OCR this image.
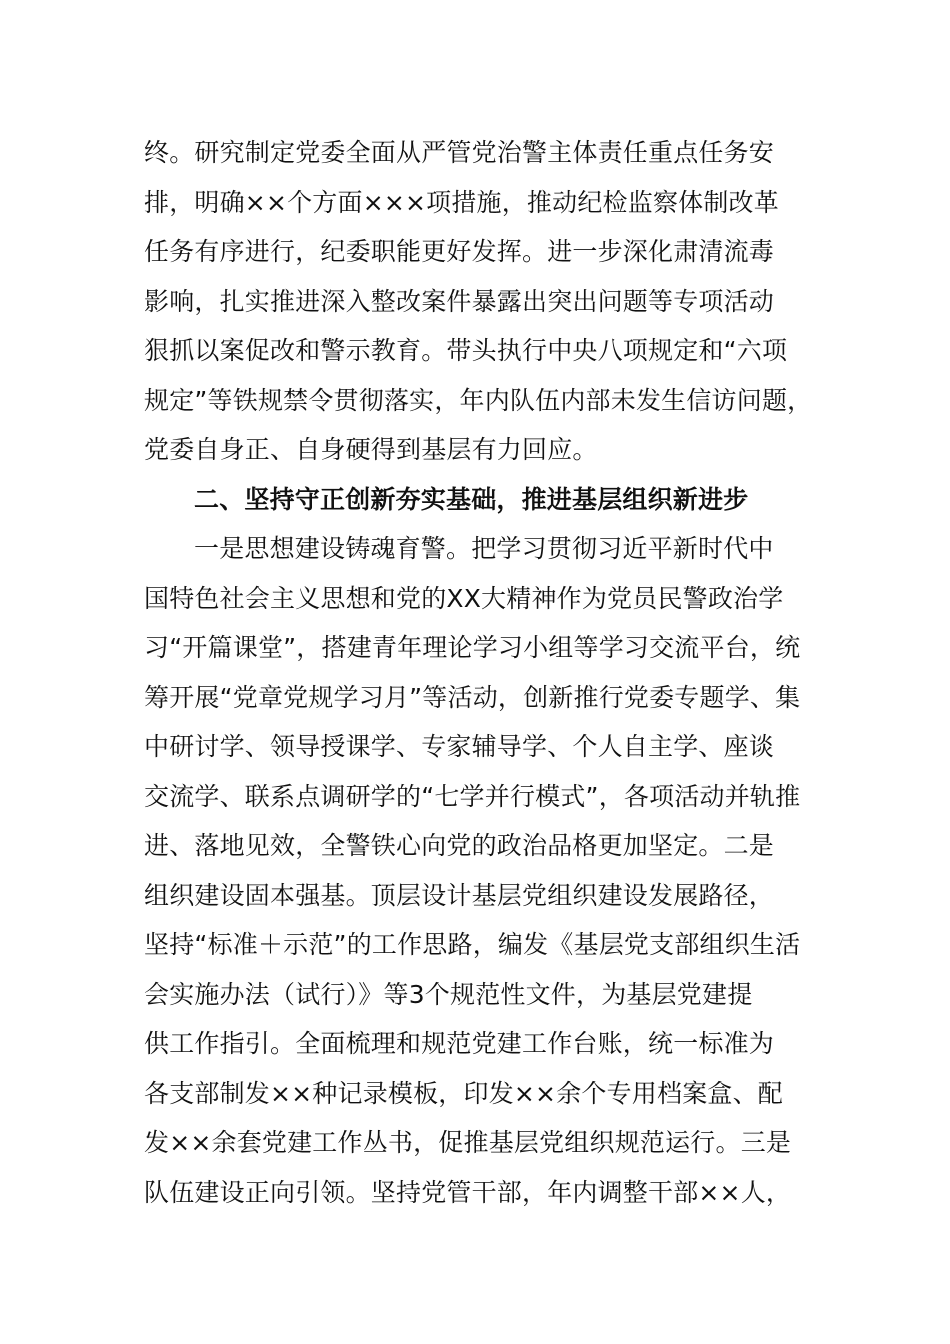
终。研究制定党委全面从严管党治警主体责任重点任务安
排，明确××个方面×××项措施，推动纪检监察体制改革
任务有序进行，纪委职能更好发挥。进一步深化肃清流毒
影响，扎实推进深入整改案件暴露出突出问题等专项活动
狠抓以案促改和警示教育。带头执行中央八项规定和“六项
规定”等铁规禁令贯彻落实，年内队伍内部未发生信访问题，
党委自身正、自身硬得到基层有力回应。
二、坚持守正创新夯实基础，推进基层组织新进步
一是思想建设铸魂育警。把学习贯彻习近平新时代中
国特色社会主义思想和党的XX大精神作为党员民警政治学
习“开篇课堂”，搭建青年理论学习小组等学习交流平台，统
筹开展“党章党规学习月”等活动，创新推行党委专题学、集
中研讨学、领导授课学、专家辅导学、个人自主学、座谈
交流学、联系点调研学的“七学并行模式”，各项活动并轨推
进、落地见效，全警铁心向党的政治品格更加坚定。二是
组织建设固本强基。顶层设计基层党组织建设发展路径，
坚持“标准＋示范”的工作思路，编发《基层党支部组织生活
会实施办法（试行）》等3个规范性文件，为基层党建提
供工作指引。全面梳理和规范党建工作台账，统一标准为
各支部制发××种记录模板，印发××余个专用档案盒、配
发××余套党建工作丛书，促推基层党组织规范运行。三是
队伍建设正向引领。坚持党管干部，年内调整干部××人，
